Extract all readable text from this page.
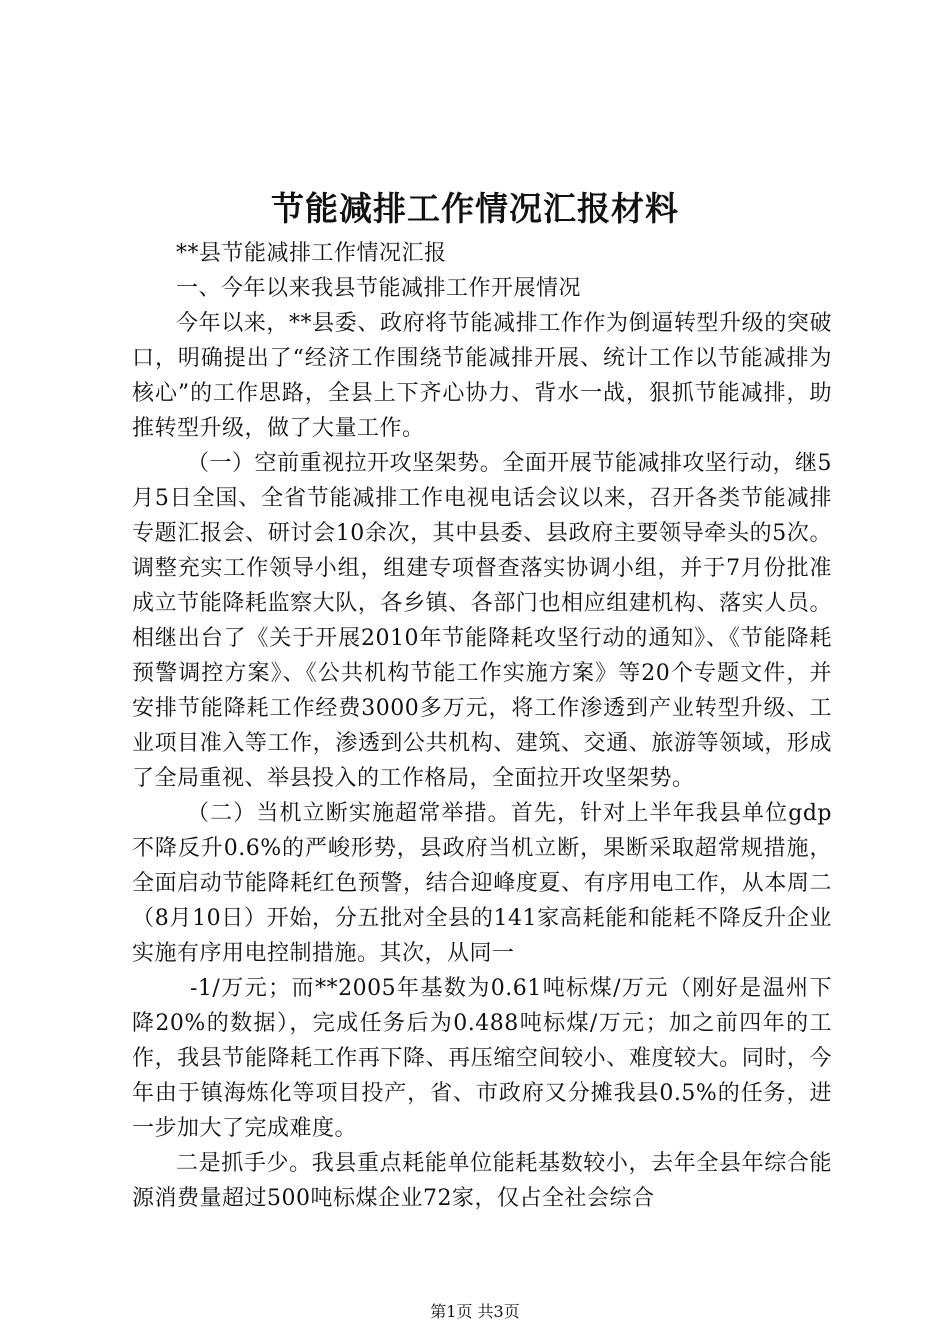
节能减排工作情况汇报材料

**县节能减排工作情况汇报

一、今年以来我县节能减排工作开展情况

今年以来，**县委、政府将节能减排工作作为倒逼转型升级的突破口，明确提出了“经济工作围绕节能减排开展、统计工作以节能减排为核心”的工作思路，全县上下齐心协力、背水一战，狠抓节能减排，助推转型升级，做了大量工作。

（一）空前重视拉开攻坚架势。全面开展节能减排攻坚行动，继5月5日全国、全省节能减排工作电视电话会议以来，召开各类节能减排专题汇报会、研讨会10余次，其中县委、县政府主要领导牵头的5次。调整充实工作领导小组，组建专项督查落实协调小组，并于7月份批准成立节能降耗监察大队，各乡镇、各部门也相应组建机构、落实人员。相继出台了《关于开展2010年节能降耗攻坚行动的通知》、《节能降耗预警调控方案》、《公共机构节能工作实施方案》等20个专题文件，并安排节能降耗工作经费3000多万元，将工作渗透到产业转型升级、工业项目准入等工作，渗透到公共机构、建筑、交通、旅游等领域，形成了全局重视、举县投入的工作格局，全面拉开攻坚架势。

（二）当机立断实施超常举措。首先，针对上半年我县单位gdp不降反升0.6%的严峻形势，县政府当机立断，果断采取超常规措施，全面启动节能降耗红色预警，结合迎峰度夏、有序用电工作，从本周二（8月10日）开始，分五批对全县的141家高耗能和能耗不降反升企业实施有序用电控制措施。其次，从同一

-1/万元；而**2005年基数为0.61吨标煤/万元（刚好是温州下降20%的数据），完成任务后为0.488吨标煤/万元；加之前四年的工作，我县节能降耗工作再下降、再压缩空间较小、难度较大。同时，今年由于镇海炼化等项目投产，省、市政府又分摊我县0.5%的任务，进一步加大了完成难度。

二是抓手少。我县重点耗能单位能耗基数较小，去年全县年综合能源消费量超过500吨标煤企业72家，仅占全社会综合

第1页 共3页
